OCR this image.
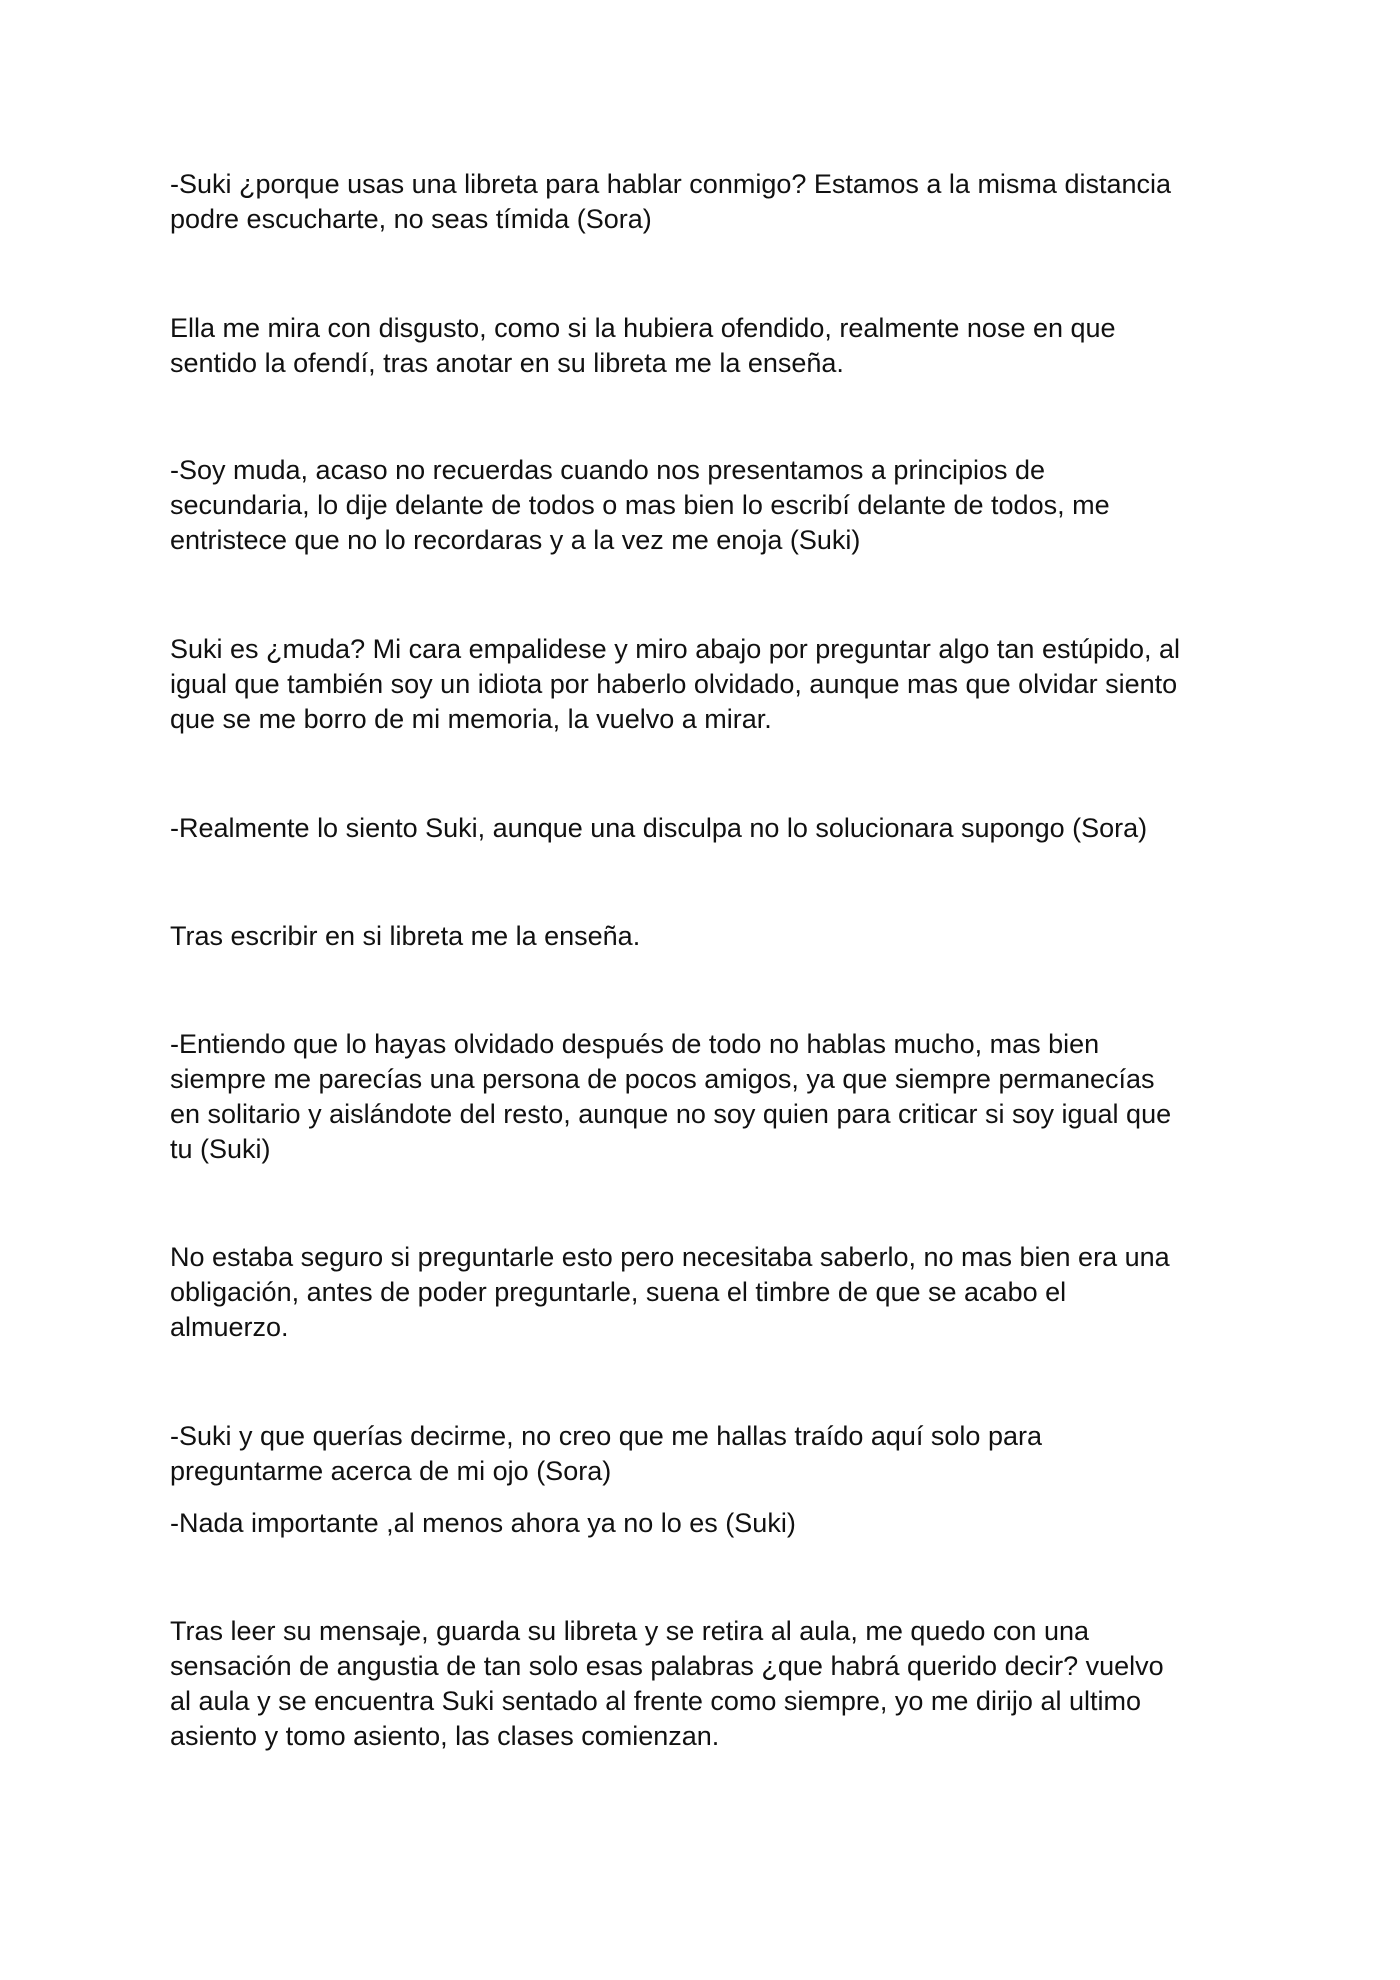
-Suki ¿porque usas una libreta para hablar conmigo? Estamos a la misma distancia
podre escucharte, no seas tímida (Sora)

Ella me mira con disgusto, como si la hubiera ofendido, realmente nose en que
sentido la ofendí, tras anotar en su libreta me la enseña.

-Soy muda, acaso no recuerdas cuando nos presentamos a principios de
secundaria, lo dije delante de todos o mas bien lo escribí delante de todos, me
entristece que no lo recordaras y a la vez me enoja (Suki)

Suki es ¿muda? Mi cara empalidese y miro abajo por preguntar algo tan estúpido, al
igual que también soy un idiota por haberlo olvidado, aunque mas que olvidar siento
que se me borro de mi memoria, la vuelvo a mirar.

-Realmente lo siento Suki, aunque una disculpa no lo solucionara supongo (Sora)

Tras escribir en si libreta me la enseña.

-Entiendo que lo hayas olvidado después de todo no hablas mucho, mas bien
siempre me parecías una persona de pocos amigos, ya que siempre permanecías
en solitario y aislándote del resto, aunque no soy quien para criticar si soy igual que
tu (Suki)

No estaba seguro si preguntarle esto pero necesitaba saberlo, no mas bien era una
obligación, antes de poder preguntarle, suena el timbre de que se acabo el
almuerzo.

-Suki y que querías decirme, no creo que me hallas traído aquí solo para
preguntarme acerca de mi ojo (Sora)

-Nada importante ,al menos ahora ya no lo es (Suki)

Tras leer su mensaje, guarda su libreta y se retira al aula, me quedo con una
sensación de angustia de tan solo esas palabras ¿que habrá querido decir? vuelvo
al aula y se encuentra Suki sentado al frente como siempre, yo me dirijo al ultimo
asiento y tomo asiento, las clases comienzan.
